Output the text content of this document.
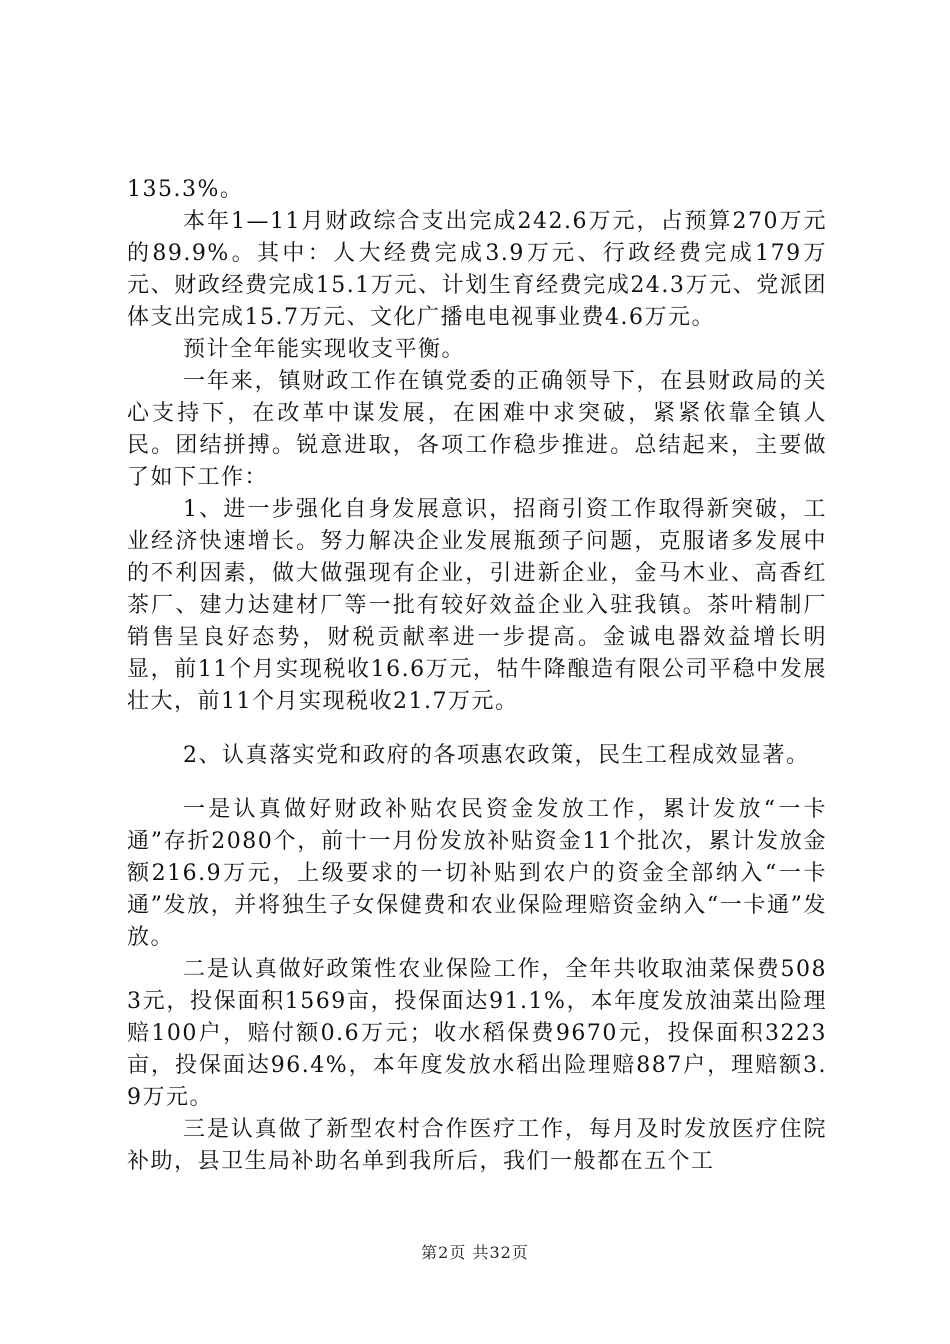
135.3%。

本年1—11月财政综合支出完成242.6万元，占预算270万元的89.9%。其中：人大经费完成3.9万元、行政经费完成179万元、财政经费完成15.1万元、计划生育经费完成24.3万元、党派团体支出完成15.7万元、文化广播电电视事业费4.6万元。

预计全年能实现收支平衡。

一年来，镇财政工作在镇党委的正确领导下，在县财政局的关心支持下，在改革中谋发展，在困难中求突破，紧紧依靠全镇人民。团结拼搏。锐意进取，各项工作稳步推进。总结起来，主要做了如下工作：

1、进一步强化自身发展意识，招商引资工作取得新突破，工业经济快速增长。努力解决企业发展瓶颈子问题，克服诸多发展中的不利因素，做大做强现有企业，引进新企业，金马木业、高香红茶厂、建力达建材厂等一批有较好效益企业入驻我镇。茶叶精制厂销售呈良好态势，财税贡献率进一步提高。金诚电器效益增长明显，前11个月实现税收16.6万元，牯牛降酿造有限公司平稳中发展壮大，前11个月实现税收21.7万元。

2、认真落实党和政府的各项惠农政策，民生工程成效显著。

一是认真做好财政补贴农民资金发放工作，累计发放“一卡通”存折2080个，前十一月份发放补贴资金11个批次，累计发放金额216.9万元，上级要求的一切补贴到农户的资金全部纳入“一卡通”发放，并将独生子女保健费和农业保险理赔资金纳入“一卡通”发放。

二是认真做好政策性农业保险工作，全年共收取油菜保费5083元，投保面积1569亩，投保面达91.1%，本年度发放油菜出险理赔100户，赔付额0.6万元；收水稻保费9670元，投保面积3223亩，投保面达96.4%，本年度发放水稻出险理赔887户，理赔额3.9万元。

三是认真做了新型农村合作医疗工作，每月及时发放医疗住院补助，县卫生局补助名单到我所后，我们一般都在五个工

第2页 共32页
